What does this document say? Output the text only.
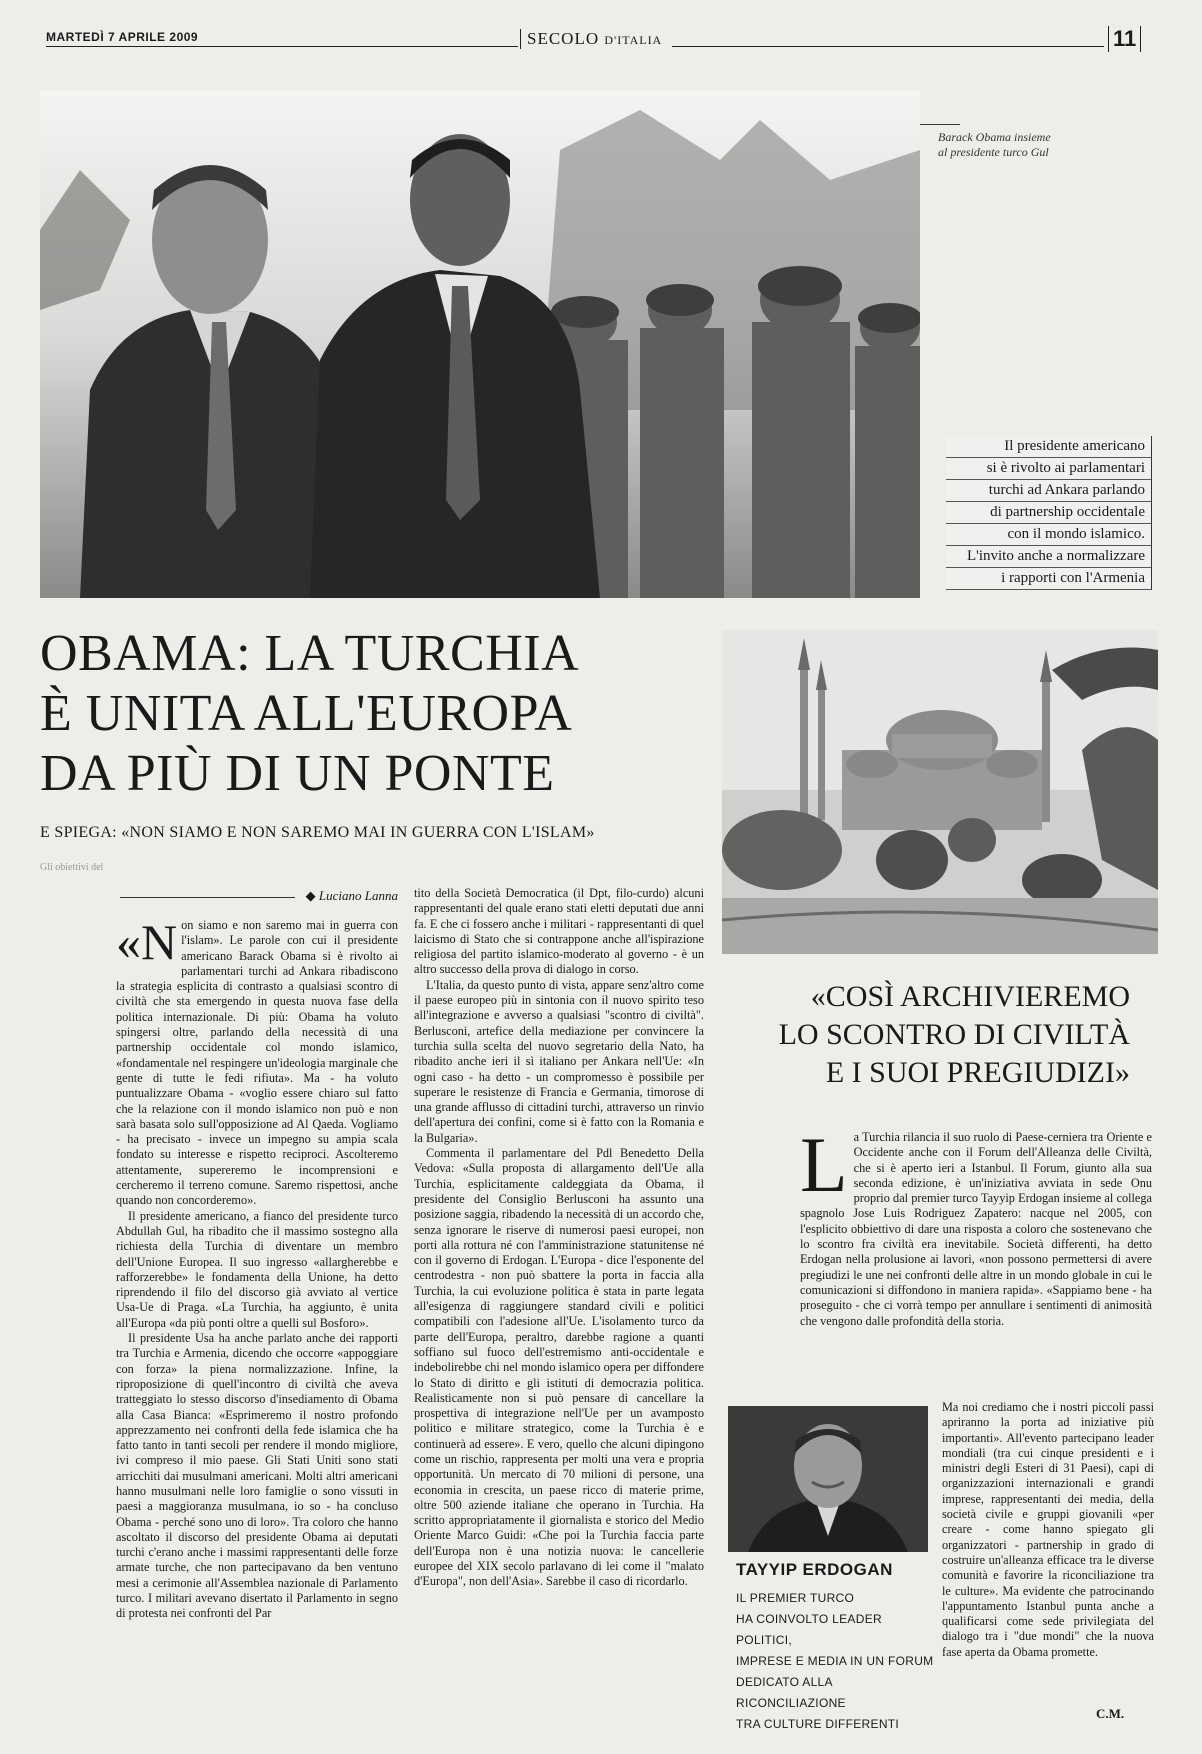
MARTEDÌ 7 APRILE 2009	SECOLO D'ITALIA	11
Barack Obama insieme
al presidente turco Gul
Il presidente americano
si è rivolto ai parlamentari
turchi ad Ankara parlando
di partnership occidentale
con il mondo islamico.
L'invito anche a normalizzare
i rapporti con l'Armenia
OBAMA: LA TURCHIA
È UNITA ALL'EUROPA
DA PIÙ DI UN PONTE
E SPIEGA: «NON SIAMO E NON SAREMO MAI IN GUERRA CON L'ISLAM»
Gli obiettivi del
◆ Luciano Lanna

«Non siamo e non saremo mai in guerra con l'islam». Le parole con cui il presidente americano Barack Obama si è rivolto ai parlamentari turchi ad Ankara ribadiscono la strategia esplicita di contrasto a qualsiasi scontro di civiltà che sta emergendo in questa nuova fase della politica internazionale. Di più: Obama ha voluto spingersi oltre, parlando della necessità di una partnership occidentale col mondo islamico, «fondamentale nel respingere un'ideologia marginale che gente di tutte le fedi rifiuta». Ma - ha voluto puntualizzare Obama - «voglio essere chiaro sul fatto che la relazione con il mondo islamico non può e non sarà basata solo sull'opposizione ad Al Qaeda. Vogliamo - ha precisato - invece un impegno su ampia scala fondato su interesse e rispetto reciproci. Ascolteremo attentamente, supereremo le incomprensioni e cercheremo il terreno comune. Saremo rispettosi, anche quando non concorderemo».

Il presidente americano, a fianco del presidente turco Abdullah Gul, ha ribadito che il massimo sostegno alla richiesta della Turchia di diventare un membro dell'Unione Europea. Il suo ingresso «allargherebbe e rafforzerebbe» le fondamenta della Unione, ha detto riprendendo il filo del discorso già avviato al vertice Usa-Ue di Praga. «La Turchia, ha aggiunto, è unita all'Europa «da più ponti oltre a quelli sul Bosforo».

Il presidente Usa ha anche parlato anche dei rapporti tra Turchia e Armenia, dicendo che occorre «appoggiare con forza» la piena normalizzazione. Infine, la riproposizione di quell'incontro di civiltà che aveva tratteggiato lo stesso discorso d'insediamento di Obama alla Casa Bianca: «Esprimeremo il nostro profondo apprezzamento nei confronti della fede islamica che ha fatto tanto in tanti secoli per rendere il mondo migliore, ivi compreso il mio paese. Gli Stati Uniti sono stati arricchiti dai musulmani americani. Molti altri americani hanno musulmani nelle loro famiglie o sono vissuti in paesi a maggioranza musulmana, io so - ha concluso Obama - perché sono uno di loro». Tra coloro che hanno ascoltato il discorso del presidente Obama ai deputati turchi c'erano anche i massimi rappresentanti delle forze armate turche, che non partecipavano da ben ventuno mesi a cerimonie all'Assemblea nazionale di Parlamento turco. I militari avevano disertato il Parlamento in segno di protesta nei confronti del Par

tito della Società Democratica (il Dpt, filo-curdo) alcuni rappresentanti del quale erano stati eletti deputati due anni fa. E che ci fossero anche i militari - rappresentanti di quel laicismo di Stato che si contrappone anche all'ispirazione religiosa del partito islamico-moderato al governo - è un altro successo della prova di dialogo in corso.

L'Italia, da questo punto di vista, appare senz'altro come il paese europeo più in sintonia con il nuovo spirito teso all'integrazione e avverso a qualsiasi "scontro di civiltà". Berlusconi, artefice della mediazione per convincere la turchia sulla scelta del nuovo segretario della Nato, ha ribadito anche ieri il sì italiano per Ankara nell'Ue: «In ogni caso - ha detto - un compromesso è possibile per superare le resistenze di Francia e Germania, timorose di una grande afflusso di cittadini turchi, attraverso un rinvio dell'apertura dei confini, come si è fatto con la Romania e la Bulgaria».

Commenta il parlamentare del Pdl Benedetto Della Vedova: «Sulla proposta di allargamento dell'Ue alla Turchia, esplicitamente caldeggiata da Obama, il presidente del Consiglio Berlusconi ha assunto una posizione saggia, ribadendo la necessità di un accordo che, senza ignorare le riserve di numerosi paesi europei, non porti alla rottura né con l'amministrazione statunitense né con il governo di Erdogan. L'Europa - dice l'esponente del centrodestra - non può sbattere la porta in faccia alla Turchia, la cui evoluzione politica è stata in parte legata all'esigenza di raggiungere standard civili e politici compatibili con l'adesione all'Ue. L'isolamento turco da parte dell'Europa, peraltro, darebbe ragione a quanti soffiano sul fuoco dell'estremismo anti-occidentale e indebolirebbe chi nel mondo islamico opera per diffondere lo Stato di diritto e gli istituti di democrazia politica. Realisticamente non si può pensare di cancellare la prospettiva di integrazione nell'Ue per un avamposto politico e militare strategico, come la Turchia è e continuerà ad essere». E vero, quello che alcuni dipingono come un rischio, rappresenta per molti una vera e propria opportunità. Un mercato di 70 milioni di persone, una economia in crescita, un paese ricco di materie prime, oltre 500 aziende italiane che operano in Turchia. Ha scritto appropriatamente il giornalista e storico del Medio Oriente Marco Guidi: «Che poi la Turchia faccia parte dell'Europa non è una notizia nuova: le cancellerie europee del XIX secolo parlavano di lei come il "malato d'Europa", non dell'Asia». Sarebbe il caso di ricordarlo.

«COSÌ ARCHIVIEREMO
LO SCONTRO DI CIVILTÀ
E I SUOI PREGIUDIZI»

La Turchia rilancia il suo ruolo di Paese-cerniera tra Oriente e Occidente anche con il Forum dell'Alleanza delle Civiltà, che si è aperto ieri a Istanbul. Il Forum, giunto alla sua seconda edizione, è un'iniziativa avviata in sede Onu proprio dal premier turco Tayyip Erdogan insieme al collega spagnolo Jose Luis Rodriguez Zapatero: nacque nel 2005, con l'esplicito obbiettivo di dare una risposta a coloro che sostenevano che lo scontro fra civiltà era inevitabile. Società differenti, ha detto Erdogan nella prolusione ai lavori, «non possono permettersi di avere pregiudizi le une nei confronti delle altre in un mondo globale in cui le comunicazioni si diffondono in maniera rapida». «Sappiamo bene - ha proseguito - che ci vorrà tempo per annullare i sentimenti di animosità che vengono dalle profondità della storia.

Ma noi crediamo che i nostri piccoli passi apriranno la porta ad iniziative più importanti». All'evento partecipano leader mondiali (tra cui cinque presidenti e i ministri degli Esteri di 31 Paesi), capi di organizzazioni internazionali e grandi imprese, rappresentanti dei media, della società civile e gruppi giovanili «per creare - come hanno spiegato gli organizzatori - partnership in grado di costruire un'alleanza efficace tra le diverse comunità e favorire la riconciliazione tra le culture». Ma evidente che patrocinando l'appuntamento Istanbul punta anche a qualificarsi come sede privilegiata del dialogo tra i "due mondi" che la nuova fase aperta da Obama promette.

C.M.
TAYYIP ERDOGAN
IL PREMIER TURCO
HA COINVOLTO LEADER POLITICI,
IMPRESE E MEDIA IN UN FORUM
DEDICATO ALLA RICONCILIAZIONE
TRA CULTURE DIFFERENTI
